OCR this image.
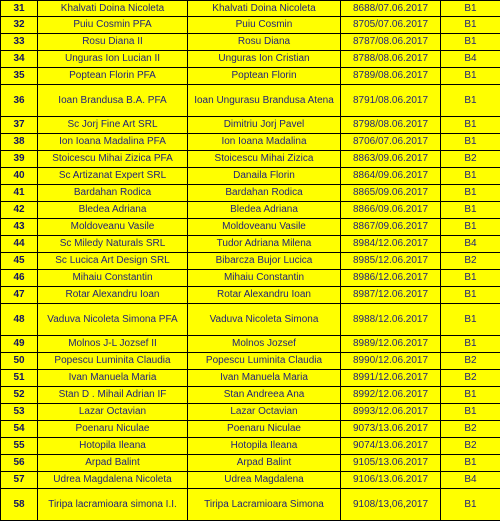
31	Khalvati Doina Nicoleta	Khalvati Doina Nicoleta	8688/07.06.2017	B1
32	Puiu Cosmin PFA	Puiu Cosmin	8705/07.06.2017	B1
33	Rosu Diana II	Rosu Diana	8787/08.06.2017	B1
34	Unguras Ion Lucian II	Unguras Ion Cristian	8788/08.06.2017	B4
35	Poptean Florin PFA	Poptean Florin	8789/08.06.2017	B1
36	Ioan Brandusa B.A. PFA	Ioan Ungurasu Brandusa Atena	8791/08.06.2017	B1
37	Sc Jorj Fine Art SRL	Dimitriu Jorj Pavel	8798/08.06.2017	B1
38	Ion Ioana Madalina PFA	Ion Ioana Madalina	8706/07.06.2017	B1
39	Stoicescu Mihai Zizica PFA	Stoicescu Mihai Zizica	8863/09.06.2017	B2
40	Sc Artizanat Expert SRL	Danaila Florin	8864/09.06.2017	B1
41	Bardahan Rodica	Bardahan Rodica	8865/09.06.2017	B1
42	Bledea Adriana	Bledea Adriana	8866/09.06.2017	B1
43	Moldoveanu Vasile	Moldoveanu Vasile	8867/09.06.2017	B1
44	Sc Miledy Naturals SRL	Tudor Adriana Milena	8984/12.06.2017	B4
45	Sc Lucica Art Design SRL	Bibarcza Bujor Lucica	8985/12.06.2017	B2
46	Mihaiu Constantin	Mihaiu Constantin	8986/12.06.2017	B1
47	Rotar Alexandru Ioan	Rotar Alexandru Ioan	8987/12.06.2017	B1
48	Vaduva Nicoleta Simona PFA	Vaduva Nicoleta Simona	8988/12.06.2017	B1
49	Molnos J-L Jozsef II	Molnos Jozsef	8989/12.06.2017	B1
50	Popescu Luminita Claudia	Popescu Luminita Claudia	8990/12.06.2017	B2
51	Ivan Manuela Maria	Ivan Manuela Maria	8991/12.06.2017	B2
52	Stan D . Mihail Adrian IF	Stan Andreea Ana	8992/12.06.2017	B1
53	Lazar Octavian	Lazar Octavian	8993/12.06.2017	B1
54	Poenaru Niculae	Poenaru Niculae	9073/13.06.2017	B2
55	Hotopila Ileana	Hotopila Ileana	9074/13.06.2017	B2
56	Arpad Balint	Arpad Balint	9105/13.06.2017	B1
57	Udrea Magdalena Nicoleta	Udrea Magdalena	9106/13.06.2017	B4
58	Tiripa lacramioara simona I.I.	Tiripa Lacramioara Simona	9108/13,06,2017	B1
